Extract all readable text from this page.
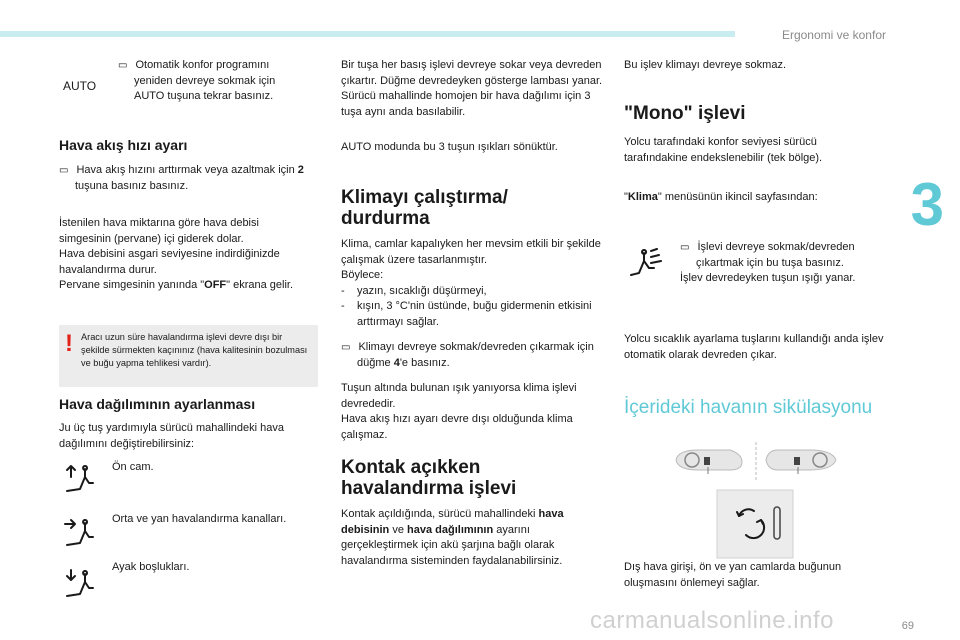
Ergonomi ve konfor
3
AUTO
▭ Otomatik konfor programını yeniden devreye sokmak için AUTO tuşuna tekrar basınız.
Hava akış hızı ayarı
▭ Hava akış hızını arttırmak veya azaltmak için 2 tuşuna basınız basınız.
İstenilen hava miktarına göre hava debisi simgesinin (pervane) içi giderek dolar.
Hava debisini asgari seviyesine indirdiğinizde havalandırma durur.
Pervane simgesinin yanında "OFF" ekrana gelir.
! Aracı uzun süre havalandırma işlevi devre dışı bir şekilde sürmekten kaçınınız (hava kalitesinin bozulması ve buğu yapma tehlikesi vardır).
Hava dağılımının ayarlanması
Ju üç tuş yardımıyla sürücü mahallindeki hava dağılımını değiştirebilirsiniz:
Ön cam.
Orta ve yan havalandırma kanalları.
Ayak boşlukları.
Bir tuşa her basış işlevi devreye sokar veya devreden çıkartır. Düğme devredeyken gösterge lambası yanar. Sürücü mahallinde homojen bir hava dağılımı için 3 tuşa aynı anda basılabilir.
AUTO modunda bu 3 tuşun ışıkları sönüktür.
Klimayı çalıştırma/ durdurma
Klima, camlar kapalıyken her mevsim etkili bir şekilde çalışmak üzere tasarlanmıştır.
Böylece:
- yazın, sıcaklığı düşürmeyi,
- kışın, 3 °C'nin üstünde, buğu gidermenin etkisini arttırmayı sağlar.
▭ Klimayı devreye sokmak/devreden çıkarmak için düğme 4'e basınız.
Tuşun altında bulunan ışık yanıyorsa klima işlevi devrededir.
Hava akış hızı ayarı devre dışı olduğunda klima çalışmaz.
Kontak açıkken havalandırma işlevi
Kontak açıldığında, sürücü mahallindeki hava debisinin ve hava dağılımının ayarını gerçekleştirmek için akü şarjına bağlı olarak havalandırma sisteminden faydalanabilirsiniz.
Bu işlev klimayı devreye sokmaz.
"Mono" işlevi
Yolcu tarafındaki konfor seviyesi sürücü tarafındakine endekslenebilir (tek bölge).
"Klima" menüsünün ikincil sayfasından:
▭ İşlevi devreye sokmak/devreden çıkartmak için bu tuşa basınız.
İşlev devredeyken tuşun ışığı yanar.
Yolcu sıcaklık ayarlama tuşlarını kullandığı anda işlev otomatik olarak devreden çıkar.
İçerideki havanın sikülasyonu
Dış hava girişi, ön ve yan camlarda buğunun oluşmasını önlemeyi sağlar.
69
carmanualsonline.info
